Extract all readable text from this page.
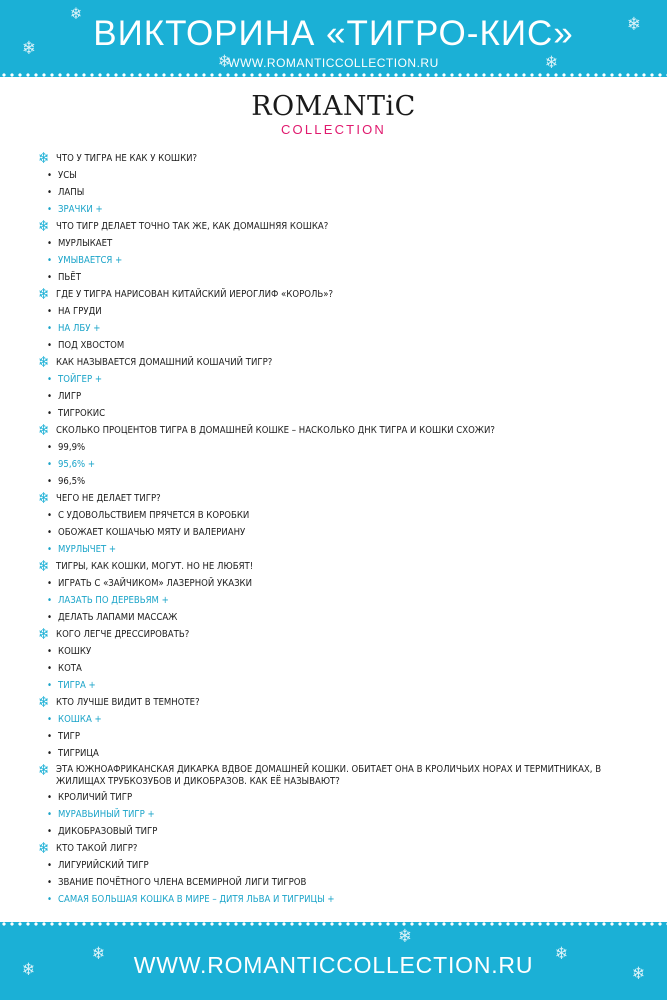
❄
❄
❄	❄
❄
ВИКТОРИНА «ТИГРО-КИС»
WWW.ROMANTICCOLLECTION.RU
ROMANTiC
COLLECTION
❄ ЧТО У ТИГРА НЕ КАК У КОШКИ?
• УСЫ
• ЛАПЫ
• ЗРАЧКИ +
❄ ЧТО ТИГР ДЕЛАЕТ ТОЧНО ТАК ЖЕ, КАК ДОМАШНЯЯ КОШКА?
• МУРЛЫКАЕТ
• УМЫВАЕТСЯ +
• ПЬЁТ
❄ ГДЕ У ТИГРА НАРИСОВАН КИТАЙСКИЙ ИЕРОГЛИФ «КОРОЛЬ»?
• НА ГРУДИ
• НА ЛБУ +
• ПОД ХВОСТОМ
❄ КАК НАЗЫВАЕТСЯ ДОМАШНИЙ КОШАЧИЙ ТИГР?
• ТОЙГЕР +
• ЛИГР
• ТИГРОКИС
❄ СКОЛЬКО ПРОЦЕНТОВ ТИГРА В ДОМАШНЕЙ КОШКЕ – НАСКОЛЬКО ДНК ТИГРА И КОШКИ СХОЖИ?
• 99,9%
• 95,6% +
• 96,5%
❄ ЧЕГО НЕ ДЕЛАЕТ ТИГР?
• С УДОВОЛЬСТВИЕМ ПРЯЧЕТСЯ В КОРОБКИ
• ОБОЖАЕТ КОШАЧЬЮ МЯТУ И ВАЛЕРИАНУ
• МУРЛЫЧЕТ +
❄ ТИГРЫ, КАК КОШКИ, МОГУТ. НО НЕ ЛЮБЯТ!
• ИГРАТЬ С «ЗАЙЧИКОМ» ЛАЗЕРНОЙ УКАЗКИ
• ЛАЗАТЬ ПО ДЕРЕВЬЯМ +
• ДЕЛАТЬ ЛАПАМИ МАССАЖ
❄ КОГО ЛЕГЧЕ ДРЕССИРОВАТЬ?
• КОШКУ
• КОТА
• ТИГРА +
❄ КТО ЛУЧШЕ ВИДИТ В ТЕМНОТЕ?
• КОШКА +
• ТИГР
• ТИГРИЦА
❄ ЭТА ЮЖНОАФРИКАНСКАЯ ДИКАРКА ВДВОЕ ДОМАШНЕЙ КОШКИ. ОБИТАЕТ ОНА В КРОЛИЧЬИХ НОРАХ И ТЕРМИТНИКАХ, В ЖИЛИЩАХ ТРУБКОЗУБОВ И ДИКОБРАЗОВ. КАК ЕЁ НАЗЫВАЮТ?
• КРОЛИЧИЙ ТИГР
• МУРАВЬИНЫЙ ТИГР +
• ДИКОБРАЗОВЫЙ ТИГР
❄ КТО ТАКОЙ ЛИГР?
• ЛИГУРИЙСКИЙ ТИГР
• ЗВАНИЕ ПОЧЁТНОГО ЧЛЕНА ВСЕМИРНОЙ ЛИГИ ТИГРОВ
• САМАЯ БОЛЬШАЯ КОШКА В МИРЕ – ДИТЯ ЛЬВА И ТИГРИЦЫ +
❄
❄	❄
❄	❄
WWW.ROMANTICCOLLECTION.RU
